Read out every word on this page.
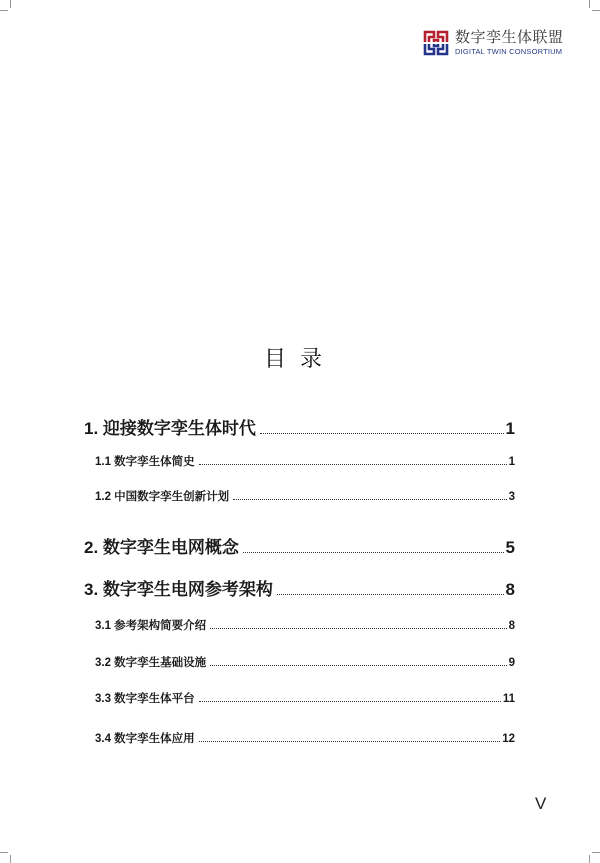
数字孪生体联盟
DIGITAL TWIN CONSORTIUM
目录
1. 迎接数字孪生体时代	1
1.1 数字孪生体简史	1
1.2 中国数字孪生创新计划	3
2. 数字孪生电网概念	5
3. 数字孪生电网参考架构	8
3.1 参考架构简要介绍	8
3.2 数字孪生基础设施	9
3.3 数字孪生体平台	11
3.4 数字孪生体应用	12
V
